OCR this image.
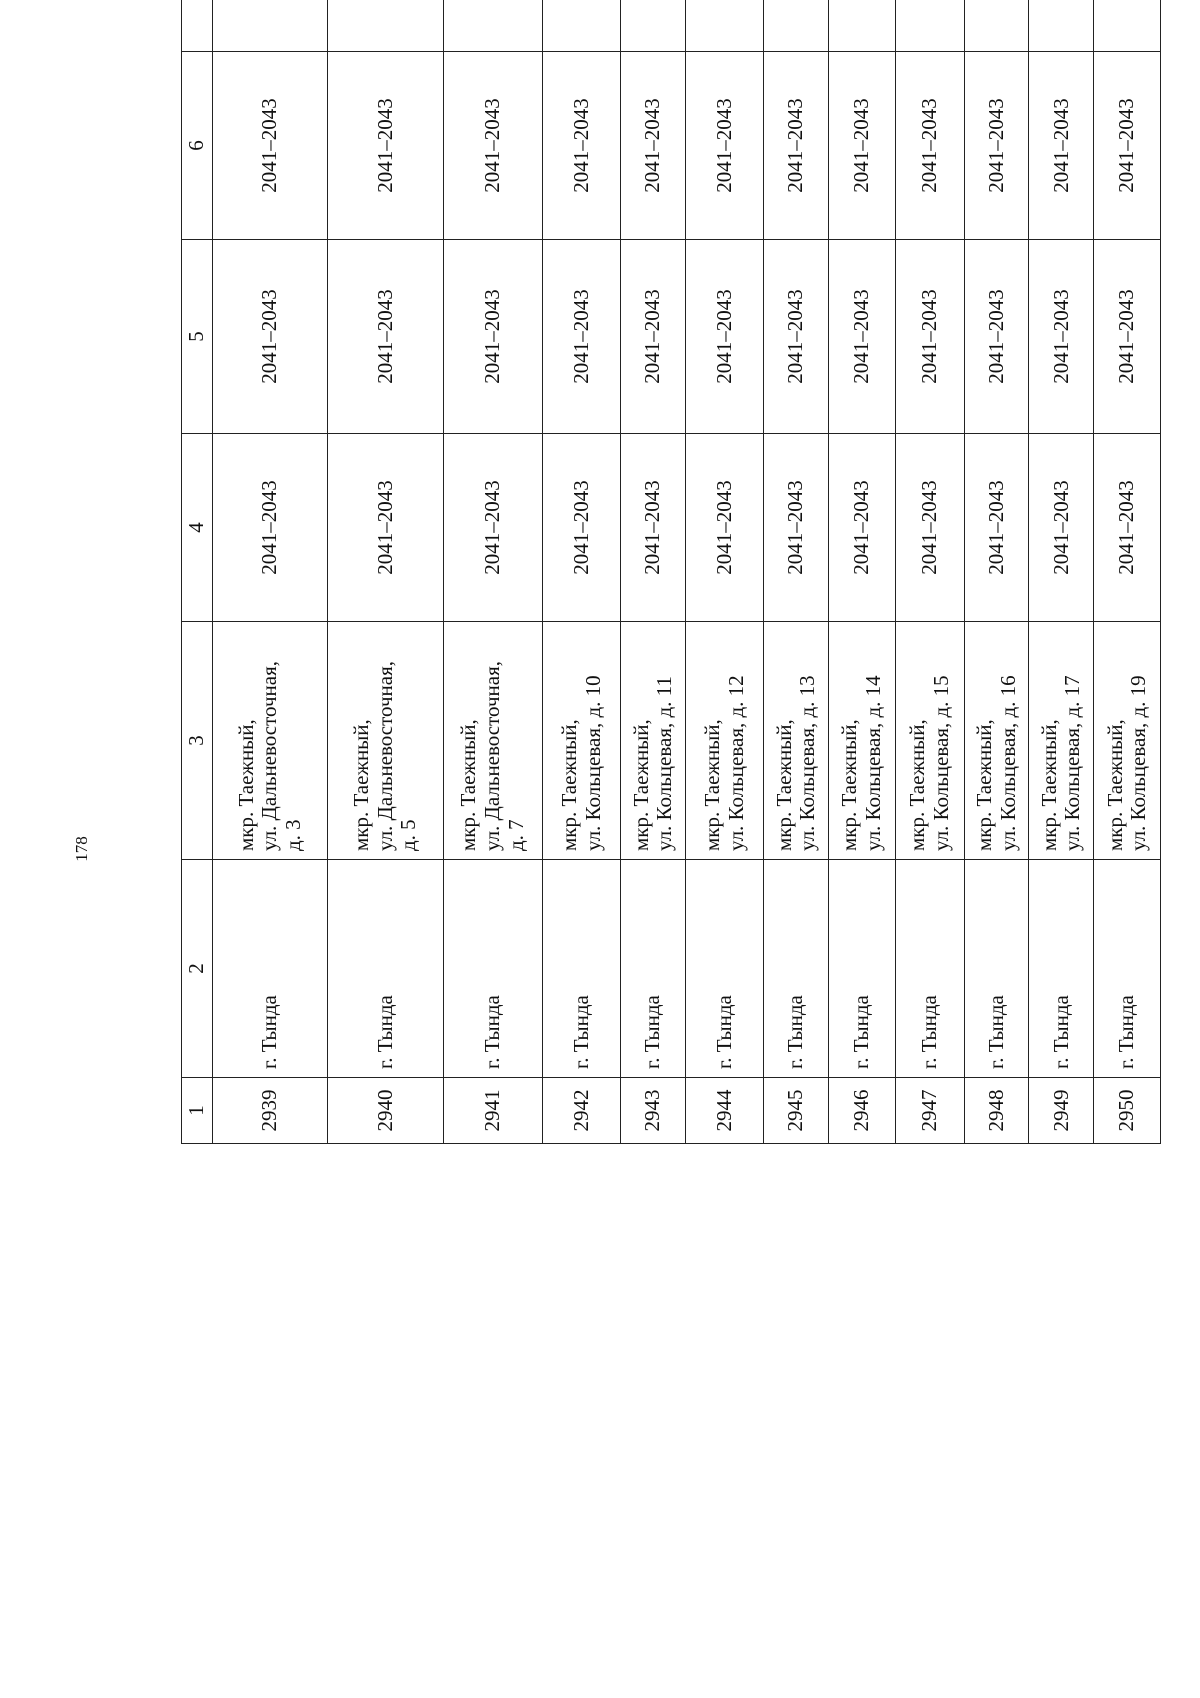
178
1	2	3	4	5	6	
2939	г. Тында	мкр. Таежный, ул. Дальневосточная, д. 3	2041–2043	2041–2043	2041–2043	
2940	г. Тында	мкр. Таежный, ул. Дальневосточная, д. 5	2041–2043	2041–2043	2041–2043	
2941	г. Тында	мкр. Таежный, ул. Дальневосточная, д. 7	2041–2043	2041–2043	2041–2043	
2942	г. Тында	мкр. Таежный, ул. Кольцевая, д. 10	2041–2043	2041–2043	2041–2043	
2943	г. Тында	мкр. Таежный, ул. Кольцевая, д. 11	2041–2043	2041–2043	2041–2043	
2944	г. Тында	мкр. Таежный, ул. Кольцевая, д. 12	2041–2043	2041–2043	2041–2043	
2945	г. Тында	мкр. Таежный, ул. Кольцевая, д. 13	2041–2043	2041–2043	2041–2043	
2946	г. Тында	мкр. Таежный, ул. Кольцевая, д. 14	2041–2043	2041–2043	2041–2043	
2947	г. Тында	мкр. Таежный, ул. Кольцевая, д. 15	2041–2043	2041–2043	2041–2043	
2948	г. Тында	мкр. Таежный, ул. Кольцевая, д. 16	2041–2043	2041–2043	2041–2043	
2949	г. Тында	мкр. Таежный, ул. Кольцевая, д. 17	2041–2043	2041–2043	2041–2043	
2950	г. Тында	мкр. Таежный, ул. Кольцевая, д. 19	2041–2043	2041–2043	2041–2043	
